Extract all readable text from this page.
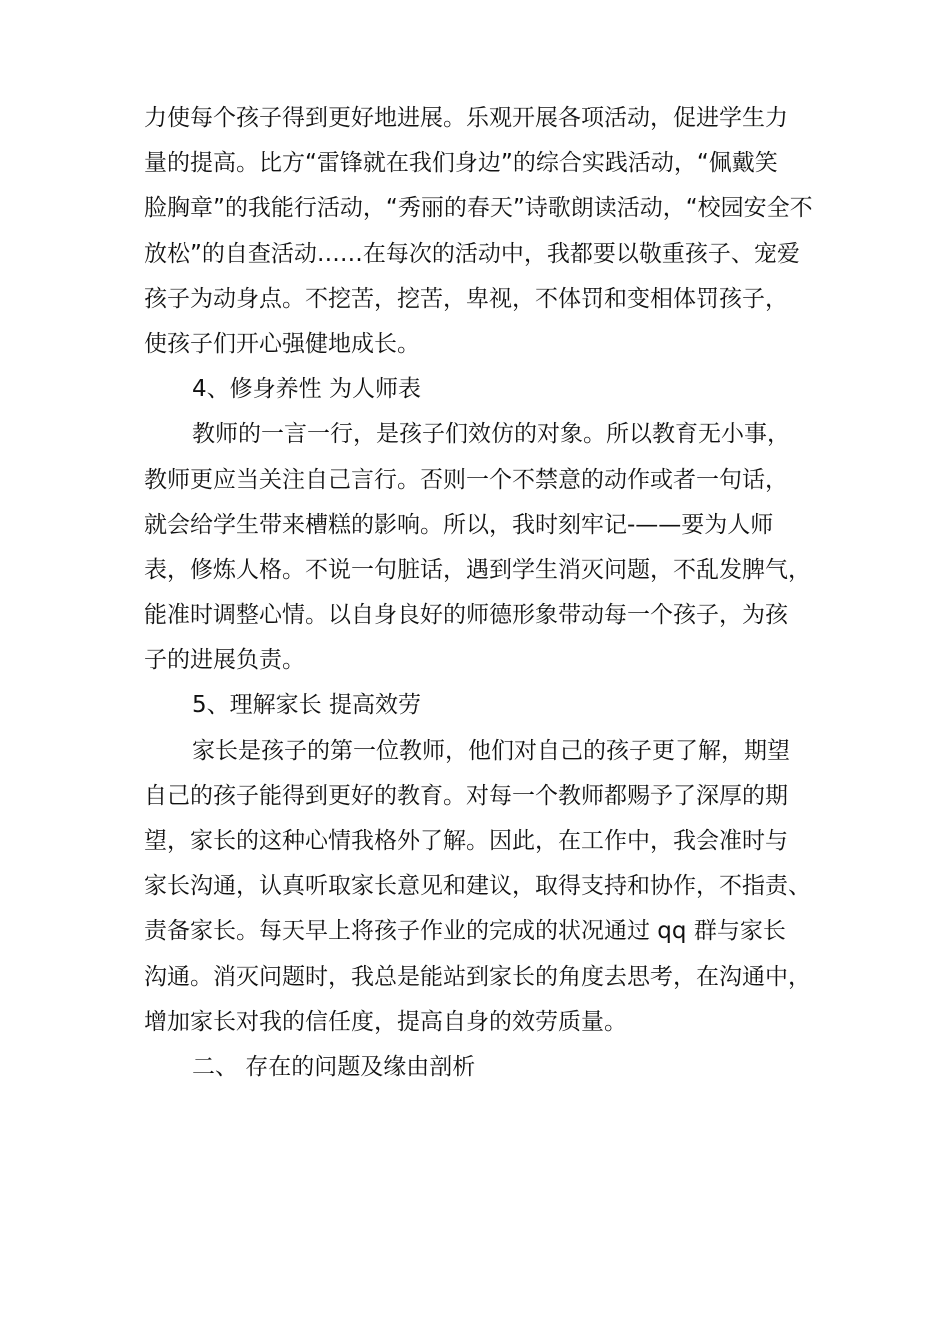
力使每个孩子得到更好地进展。乐观开展各项活动，促进学生力
量的提高。比方“雷锋就在我们身边”的综合实践活动，“佩戴笑
脸胸章”的我能行活动，“秀丽的春天”诗歌朗读活动，“校园安全不
放松”的自查活动……在每次的活动中，我都要以敬重孩子、宠爱
孩子为动身点。不挖苦，挖苦，卑视，不体罚和变相体罚孩子，
使孩子们开心强健地成长。
4、修身养性 为人师表
教师的一言一行，是孩子们效仿的对象。所以教育无小事，
教师更应当关注自己言行。否则一个不禁意的动作或者一句话，
就会给学生带来槽糕的影响。所以，我时刻牢记-——要为人师
表，修炼人格。不说一句脏话，遇到学生消灭问题，不乱发脾气，
能准时调整心情。以自身良好的师德形象带动每一个孩子，为孩
子的进展负责。
5、理解家长 提高效劳
家长是孩子的第一位教师，他们对自己的孩子更了解，期望
自己的孩子能得到更好的教育。对每一个教师都赐予了深厚的期
望，家长的这种心情我格外了解。因此，在工作中，我会准时与
家长沟通，认真听取家长意见和建议，取得支持和协作，不指责、
责备家长。每天早上将孩子作业的完成的状况通过 qq 群与家长
沟通。消灭问题时，我总是能站到家长的角度去思考，在沟通中，
增加家长对我的信任度，提高自身的效劳质量。
二、 存在的问题及缘由剖析
